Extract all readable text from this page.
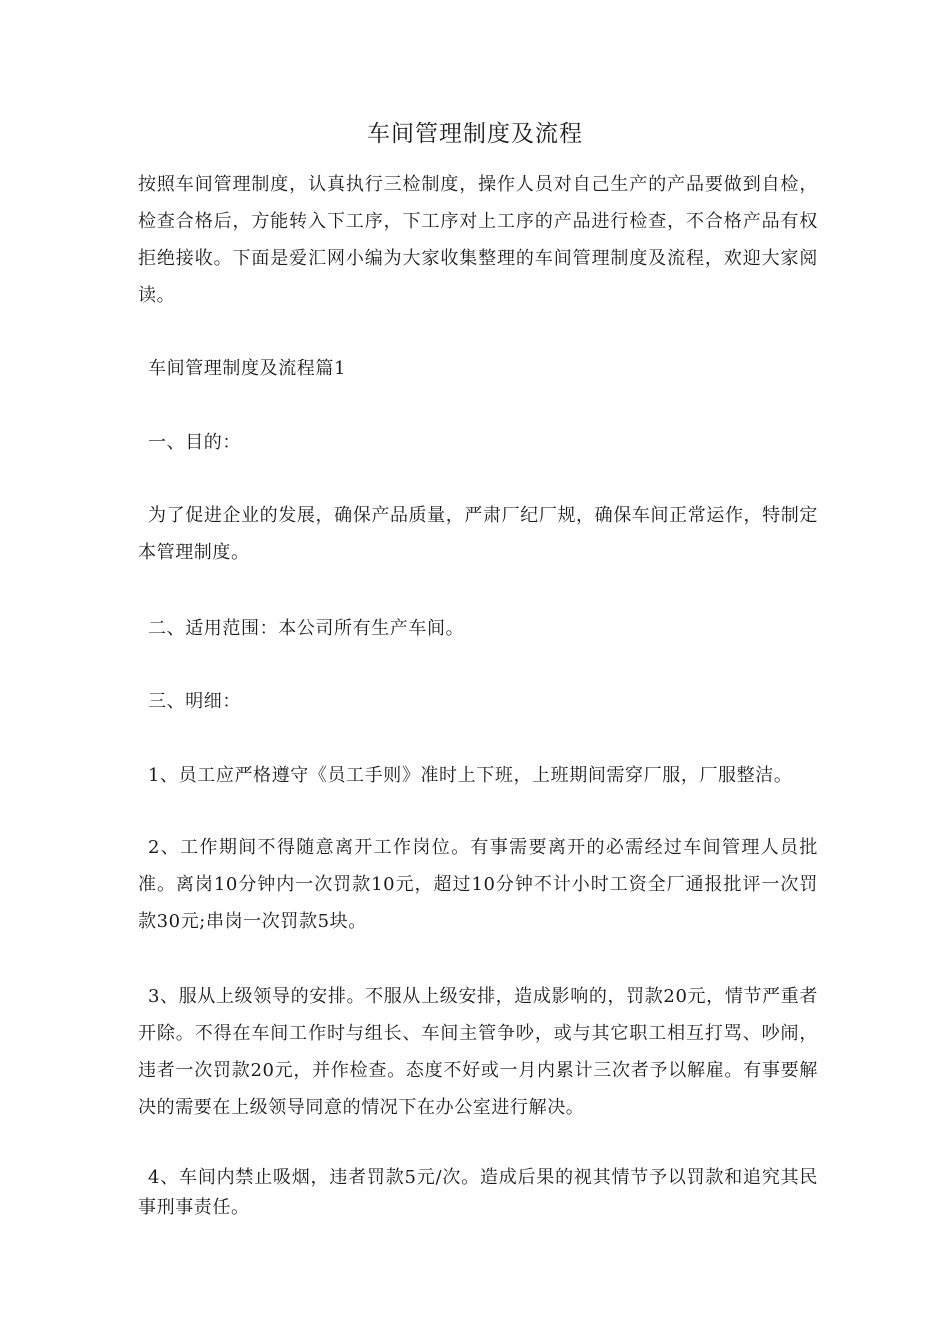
车间管理制度及流程

按照车间管理制度，认真执行三检制度，操作人员对自己生产的产品要做到自检，检查合格后，方能转入下工序，下工序对上工序的产品进行检查，不合格产品有权拒绝接收。下面是爱汇网小编为大家收集整理的车间管理制度及流程，欢迎大家阅读。

车间管理制度及流程篇1

一、目的：

为了促进企业的发展，确保产品质量，严肃厂纪厂规，确保车间正常运作，特制定本管理制度。

二、适用范围：本公司所有生产车间。

三、明细：

1、员工应严格遵守《员工手则》准时上下班，上班期间需穿厂服，厂服整洁。

2、工作期间不得随意离开工作岗位。有事需要离开的必需经过车间管理人员批准。离岗10分钟内一次罚款10元，超过10分钟不计小时工资全厂通报批评一次罚款30元;串岗一次罚款5块。

3、服从上级领导的安排。不服从上级安排，造成影响的，罚款20元，情节严重者开除。不得在车间工作时与组长、车间主管争吵，或与其它职工相互打骂、吵闹，违者一次罚款20元，并作检查。态度不好或一月内累计三次者予以解雇。有事要解决的需要在上级领导同意的情况下在办公室进行解决。

4、车间内禁止吸烟，违者罚款5元/次。造成后果的视其情节予以罚款和追究其民事刑事责任。
